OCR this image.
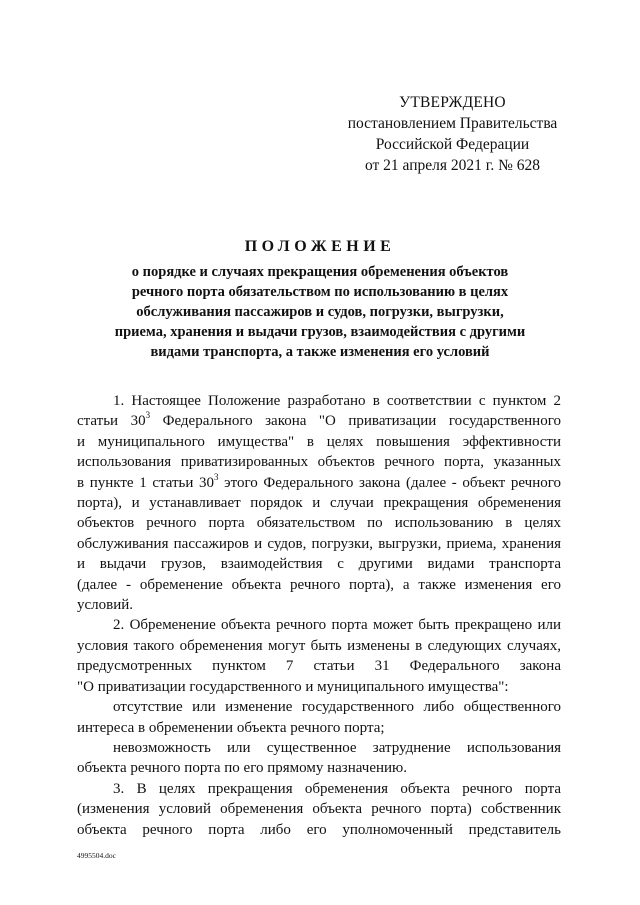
УТВЕРЖДЕНО
постановлением Правительства
Российской Федерации
от 21 апреля 2021 г. № 628
ПОЛОЖЕНИЕ
о порядке и случаях прекращения обременения объектов
речного порта обязательством по использованию в целях
обслуживания пассажиров и судов, погрузки, выгрузки,
приема, хранения и выдачи грузов, взаимодействия с другими
видами транспорта, а также изменения его условий
1. Настоящее Положение разработано в соответствии с пунктом 2
статьи $30^3$ Федерального закона "О приватизации государственного
и муниципального имущества" в целях повышения эффективности
использования приватизированных объектов речного порта, указанных
в пункте 1 статьи $30^3$ этого Федерального закона (далее - объект речного
порта), и устанавливает порядок и случаи прекращения обременения
объектов речного порта обязательством по использованию в целях
обслуживания пассажиров и судов, погрузки, выгрузки, приема, хранения
и выдачи грузов, взаимодействия с другими видами транспорта
(далее - обременение объекта речного порта), а также изменения его
условий.
2. Обременение объекта речного порта может быть прекращено или
условия такого обременения могут быть изменены в следующих случаях,
предусмотренных пунктом 7 статьи 31 Федерального закона
"О приватизации государственного и муниципального имущества":
отсутствие или изменение государственного либо общественного
интереса в обременении объекта речного порта;
невозможность или существенное затруднение использования
объекта речного порта по его прямому назначению.
3. В целях прекращения обременения объекта речного порта
(изменения условий обременения объекта речного порта) собственник
объекта речного порта либо его уполномоченный представитель
4995504.doc
